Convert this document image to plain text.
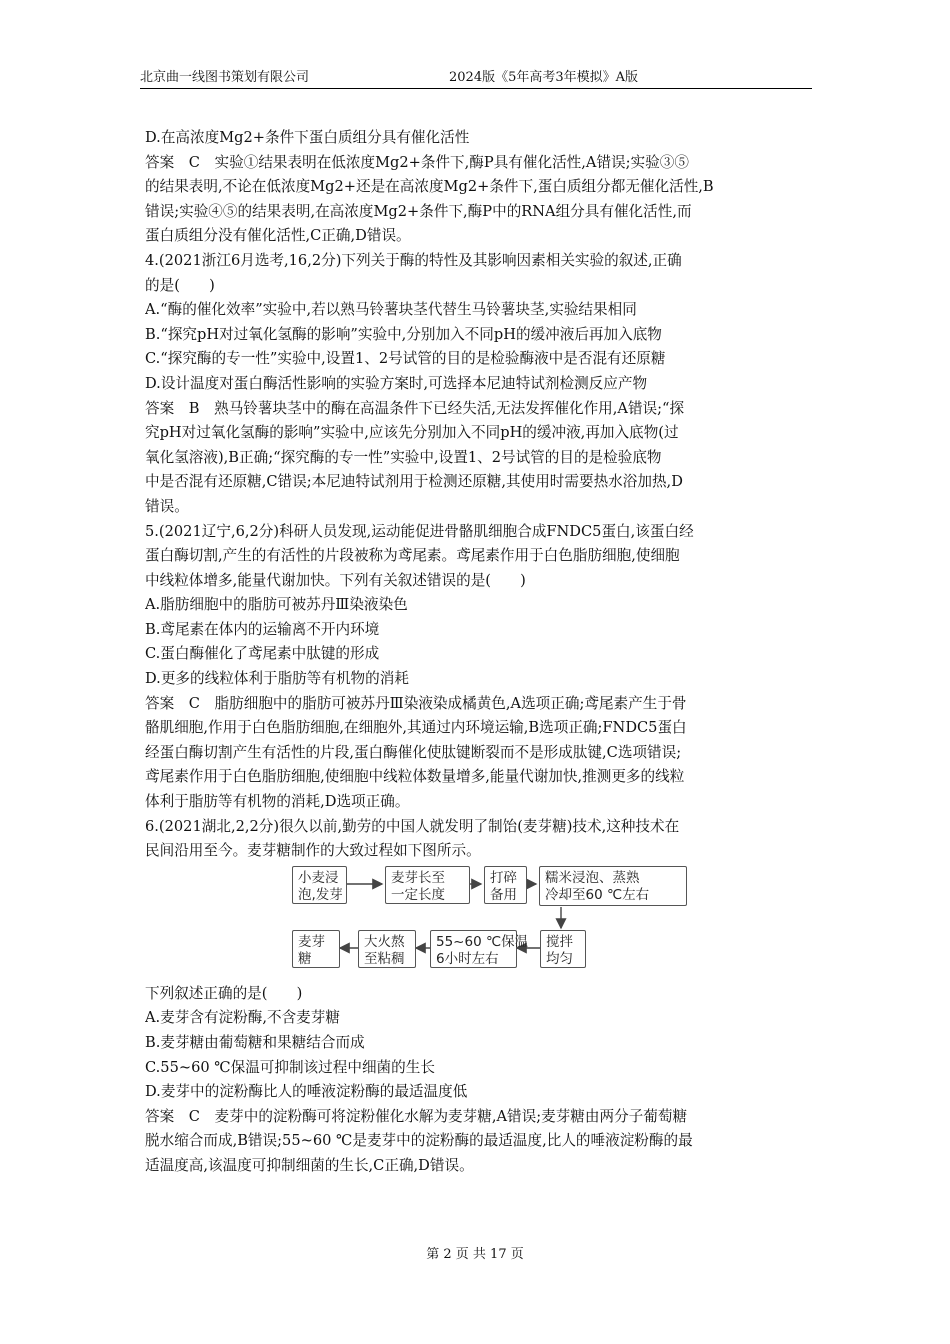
北京曲一线图书策划有限公司	2024版《5年高考3年模拟》A版
D.在高浓度Mg2+条件下蛋白质组分具有催化活性
答案　C　实验①结果表明在低浓度Mg2+条件下,酶P具有催化活性,A错误;实验③⑤
的结果表明,不论在低浓度Mg2+还是在高浓度Mg2+条件下,蛋白质组分都无催化活性,B
错误;实验④⑤的结果表明,在高浓度Mg2+条件下,酶P中的RNA组分具有催化活性,而
蛋白质组分没有催化活性,C正确,D错误。
4.(2021浙江6月选考,16,2分)下列关于酶的特性及其影响因素相关实验的叙述,正确
的是(　　)
A.“酶的催化效率”实验中,若以熟马铃薯块茎代替生马铃薯块茎,实验结果相同
B.“探究pH对过氧化氢酶的影响”实验中,分别加入不同pH的缓冲液后再加入底物
C.“探究酶的专一性”实验中,设置1、2号试管的目的是检验酶液中是否混有还原糖
D.设计温度对蛋白酶活性影响的实验方案时,可选择本尼迪特试剂检测反应产物
答案　B　熟马铃薯块茎中的酶在高温条件下已经失活,无法发挥催化作用,A错误;“探
究pH对过氧化氢酶的影响”实验中,应该先分别加入不同pH的缓冲液,再加入底物(过
氧化氢溶液),B正确;“探究酶的专一性”实验中,设置1、2号试管的目的是检验底物
中是否混有还原糖,C错误;本尼迪特试剂用于检测还原糖,其使用时需要热水浴加热,D
错误。
5.(2021辽宁,6,2分)科研人员发现,运动能促进骨骼肌细胞合成FNDC5蛋白,该蛋白经
蛋白酶切割,产生的有活性的片段被称为鸢尾素。鸢尾素作用于白色脂肪细胞,使细胞
中线粒体增多,能量代谢加快。下列有关叙述错误的是(　　)
A.脂肪细胞中的脂肪可被苏丹Ⅲ染液染色
B.鸢尾素在体内的运输离不开内环境
C.蛋白酶催化了鸢尾素中肽键的形成
D.更多的线粒体利于脂肪等有机物的消耗
答案　C　脂肪细胞中的脂肪可被苏丹Ⅲ染液染成橘黄色,A选项正确;鸢尾素产生于骨
骼肌细胞,作用于白色脂肪细胞,在细胞外,其通过内环境运输,B选项正确;FNDC5蛋白
经蛋白酶切割产生有活性的片段,蛋白酶催化使肽键断裂而不是形成肽键,C选项错误;
鸢尾素作用于白色脂肪细胞,使细胞中线粒体数量增多,能量代谢加快,推测更多的线粒
体利于脂肪等有机物的消耗,D选项正确。
6.(2021湖北,2,2分)很久以前,勤劳的中国人就发明了制饴(麦芽糖)技术,这种技术在
民间沿用至今。麦芽糖制作的大致过程如下图所示。
小麦浸
泡,发芽
麦芽长至
一定长度
打碎
备用
糯米浸泡、蒸熟
冷却至60 ℃左右
搅拌
均匀
55~60 ℃保温
6小时左右
大火熬
至粘稠
麦芽
糖
下列叙述正确的是(　　)
A.麦芽含有淀粉酶,不含麦芽糖
B.麦芽糖由葡萄糖和果糖结合而成
C.55~60 ℃保温可抑制该过程中细菌的生长
D.麦芽中的淀粉酶比人的唾液淀粉酶的最适温度低
答案　C　麦芽中的淀粉酶可将淀粉催化水解为麦芽糖,A错误;麦芽糖由两分子葡萄糖
脱水缩合而成,B错误;55~60 ℃是麦芽中的淀粉酶的最适温度,比人的唾液淀粉酶的最
适温度高,该温度可抑制细菌的生长,C正确,D错误。
第 2 页 共 17 页
